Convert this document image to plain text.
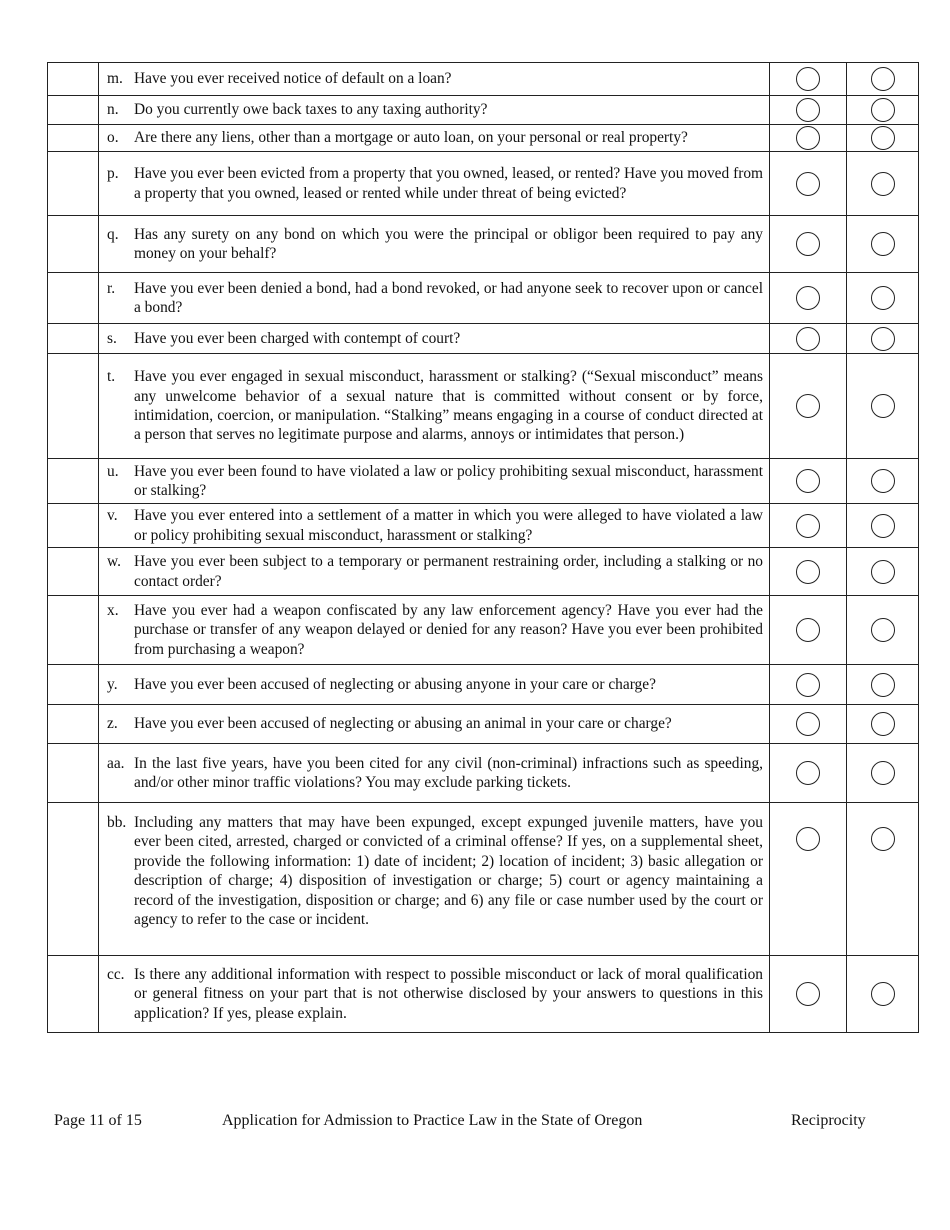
	m. Have you ever received notice of default on a loan?		

	n. Do you currently owe back taxes to any taxing authority?		

	o. Are there any liens, other than a mortgage or auto loan, on your personal or real property?		

	p. Have you ever been evicted from a property that you owned, leased, or rented? Have you moved from a property that you owned, leased or rented while under threat of being evicted?		

	q. Has any surety on any bond on which you were the principal or obligor been required to pay any money on your behalf?		

	r. Have you ever been denied a bond, had a bond revoked, or had anyone seek to recover upon or cancel a bond?		

	s. Have you ever been charged with contempt of court?		

	t. Have you ever engaged in sexual misconduct, harassment or stalking? (“Sexual misconduct” means any unwelcome behavior of a sexual nature that is committed without consent or by force, intimidation, coercion, or manipulation. “Stalking” means engaging in a course of conduct directed at a person that serves no legitimate purpose and alarms, annoys or intimidates that person.)		

	u. Have you ever been found to have violated a law or policy prohibiting sexual misconduct, harassment or stalking?		

	v. Have you ever entered into a settlement of a matter in which you were alleged to have violated a law or policy prohibiting sexual misconduct, harassment or stalking?		

	w. Have you ever been subject to a temporary or permanent restraining order, including a stalking or no contact order?		

	x. Have you ever had a weapon confiscated by any law enforcement agency? Have you ever had the purchase or transfer of any weapon delayed or denied for any reason? Have you ever been prohibited from purchasing a weapon?		

	y. Have you ever been accused of neglecting or abusing anyone in your care or charge?		

	z. Have you ever been accused of neglecting or abusing an animal in your care or charge?		

	aa. In the last five years, have you been cited for any civil (non-criminal) infractions such as speeding, and/or other minor traffic violations? You may exclude parking tickets.		

	bb. Including any matters that may have been expunged, except expunged juvenile matters, have you ever been cited, arrested, charged or convicted of a criminal offense? If yes, on a supplemental sheet, provide the following information: 1) date of incident; 2) location of incident; 3) basic allegation or description of charge; 4) disposition of investigation or charge; 5) court or agency maintaining a record of the investigation, disposition or charge; and 6) any file or case number used by the court or agency to refer to the case or incident.		

	cc. Is there any additional information with respect to possible misconduct or lack of moral qualification or general fitness on your part that is not otherwise disclosed by your answers to questions in this application? If yes, please explain.		

Page 11 of 15	Application for Admission to Practice Law in the State of Oregon	Reciprocity
